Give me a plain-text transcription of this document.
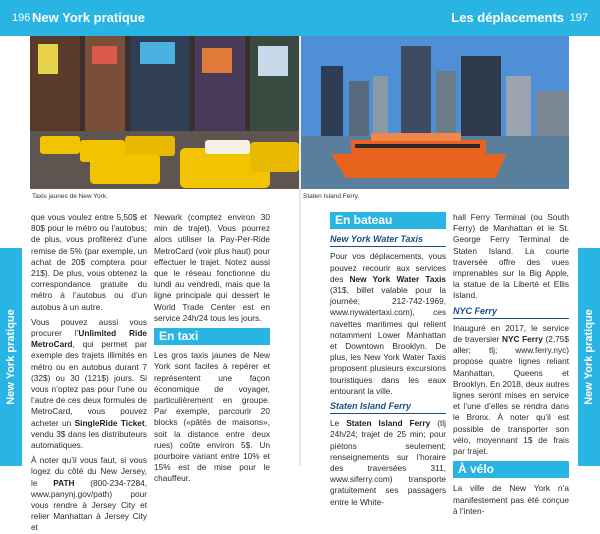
196 New York pratique	Les déplacements 197
Taxis jaunes de New York.	Staten Island Ferry.

que vous voulez entre 5,50$ et 80$ pour le métro ou l’autobus; de plus, vous profiterez d’une remise de 5% (par exemple, un achat de 20$ comptera pour 21$). De plus, vous obtenez la correspondance gratuite du métro à l’autobus ou d’un autobus à un autre.

Vous pouvez aussi vous procurer l’Unlimited Ride MetroCard, qui permet par exemple des trajets illimités en métro ou en autobus durant 7 (32$) ou 30 (121$) jours. Si vous n’optez pas pour l’une ou l’autre de ces deux formules de MetroCard, vous pouvez acheter un SingleRide Ticket, vendu 3$ dans les distributeurs automatiques.

À noter qu’il vous faut, si vous logez du côté du New Jersey, le PATH (800-234-7284, www.panynj.gov/path) pour vous rendre à Jersey City et relier Manhattan à Jersey City et

Newark (comptez environ 30 min de trajet). Vous pourrez alors utiliser la Pay-Per-Ride MetroCard (voir plus haut) pour effectuer le trajet. Notez aussi que le réseau fonctionne du lundi au vendredi, mais que la ligne principale qui dessert le World Trade Center est en service 24h/24 tous les jours.

En taxi

Les gros taxis jaunes de New York sont faciles à repérer et représentent une façon économique de voyager, particulièrement en groupe. Par exemple, parcourir 20 blocks («pâtés de maisons», soit la distance entre deux rues) coûte environ 5$. Un pourboire variant entre 10% et 15% est de mise pour le chauffeur.

En bateau
New York Water Taxis

Pour vos déplacements, vous pouvez recourir aux services des New York Water Taxis (31$, billet valable pour la journée; 212-742-1969, www.nywatertaxi.com), ces navettes maritimes qui relient notamment Lower Manhattan et Downtown Brooklyn. De plus, les New York Water Taxis proposent plusieurs excursions touristiques dans les eaux entourant la ville.

Staten Island Ferry

Le Staten Island Ferry (tlj 24h/24; trajet de 25 min; pour piétons seulement; renseignements sur l’horaire des traversées 311, www.siferry.com) transporte gratuitement ses passagers entre le White-

hall Ferry Terminal (ou South Ferry) de Manhattan et le St. George Ferry Terminal de Staten Island. La courte traversée offre des vues imprenables sur la Big Apple, la statue de la Liberté et Ellis Island.

NYC Ferry

Inauguré en 2017, le service de traversier NYC Ferry (2,75$ aller; tlj; www.ferry.nyc) propose quatre lignes reliant Manhattan, Queens et Brooklyn. En 2018, deux autres lignes seront mises en service et l’une d’elles se rendra dans le Bronx. À noter qu’il est possible de transporter son vélo, moyennant 1$ de frais par trajet.

À vélo

La ville de New York n’a manifestement pas été conçue à l’inten-

New York pratique	New York pratique
